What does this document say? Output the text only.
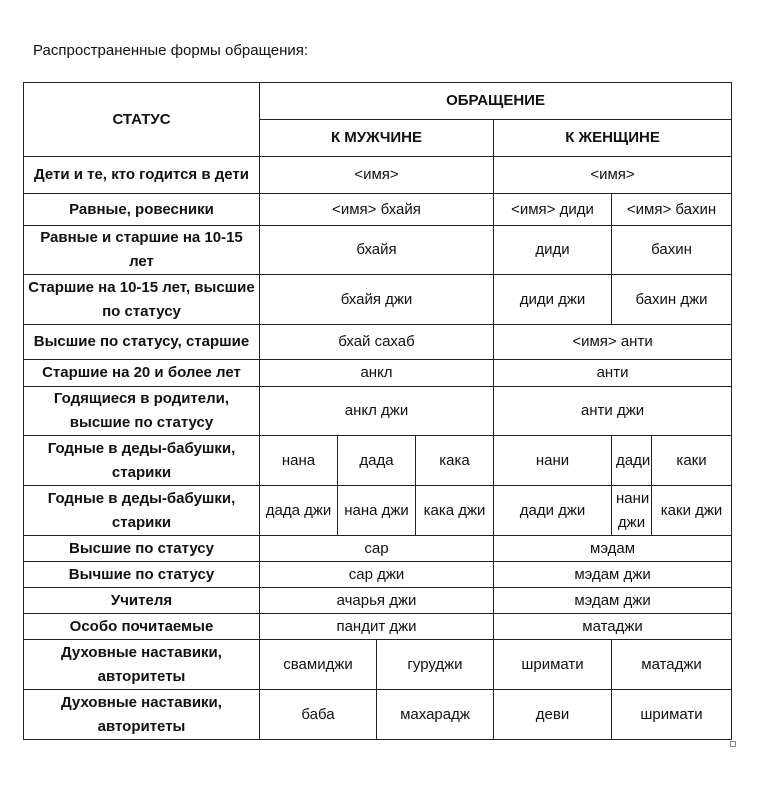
Распространенные формы обращения:
СТАТУС	ОБРАЩЕНИЕ						
	К МУЖЧИНЕ				К ЖЕНЩИНЕ		
Дети и те, кто годится в дети	<имя>				<имя>		
Равные, ровесники	<имя> бхайя				<имя> диди	<имя> бахин	
Равные и старшие на 10-15 лет	бхайя				диди	бахин	
Старшие на 10-15 лет, высшие по статусу	бхайя джи				диди джи	бахин джи	
Высшие по статусу, старшие	бхай сахаб				<имя> анти		
Старшие на 20 и более лет	анкл				анти		
Годящиеся в родители, высшие по статусу	анкл джи				анти джи		
Годные в деды-бабушки, старики	нана	дада		кака	нани	дади	каки
Годные в деды-бабушки, старики	дада джи	нана джи		кака джи	дади джи	нани джи	каки джи
Высшие по статусу	сар				мэдам		
Вычшие по статусу	сар джи				мэдам джи		
Учителя	ачарья джи				мэдам джи		
Особо почитаемые	пандит джи				матаджи		
Духовные наставики, авторитеты	свамиджи		гуруджи		шримати	матаджи	
Духовные наставики, авторитеты	баба		махарадж		деви	шримати	
